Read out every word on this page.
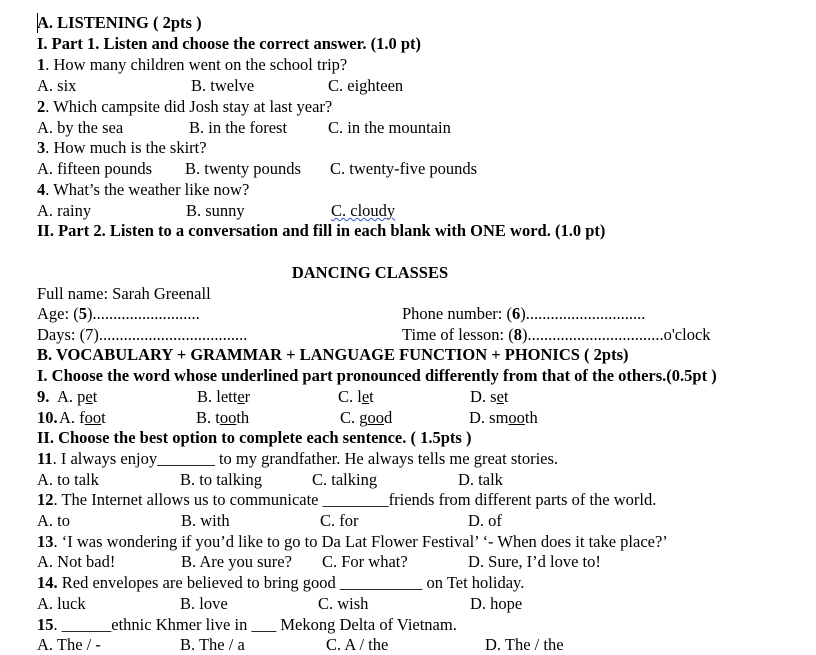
A. LISTENING ( 2pts )
I. Part 1. Listen and choose the correct answer. (1.0 pt)
1. How many children went on the school trip?
A. six	B. twelve	C. eighteen
2. Which campsite did Josh stay at last year?
A. by the sea	B. in the forest C. in the mountain
3. How much is the skirt?
A. fifteen pounds B. twenty pounds C. twenty-five pounds
4. What’s the weather like now?
A. rainy	B. sunny	C. cloudy
II. Part 2. Listen to a conversation and fill in each blank with ONE word. (1.0 pt)
DANCING CLASSES
Full name: Sarah Greenall
Age: (5)..........................	Phone number: (6).............................
Days: (7)....................................	Time of lesson: (8).................................o'clock
B. VOCABULARY + GRAMMAR + LANGUAGE FUNCTION + PHONICS ( 2pts)
I. Choose the word whose underlined part pronounced differently from that of the others.(0.5pt )
9. A. pet	B. letter	C. let	D. set
10. A. foot	B. tooth	C. good	D. smooth
II. Choose the best option to complete each sentence. ( 1.5pts )
11. I always enjoy_______ to my grandfather. He always tells me great stories.
A. to talk	B. to talking	C. talking	D. talk
12. The Internet allows us to communicate ________friends from different parts of the world.
A. to	B. with	C. for	D. of
13. ‘I was wondering if you’d like to go to Da Lat Flower Festival’ ‘- When does it take place?’
A. Not bad!	B. Are you sure? C. For what?	D. Sure, I’d love to!
14. Red envelopes are believed to bring good __________ on Tet holiday.
A. luck	B. love	C. wish	D. hope
15. ______ethnic Khmer live in ___ Mekong Delta of Vietnam.
A. The / -	B. The / a	C. A / the	D. The / the
